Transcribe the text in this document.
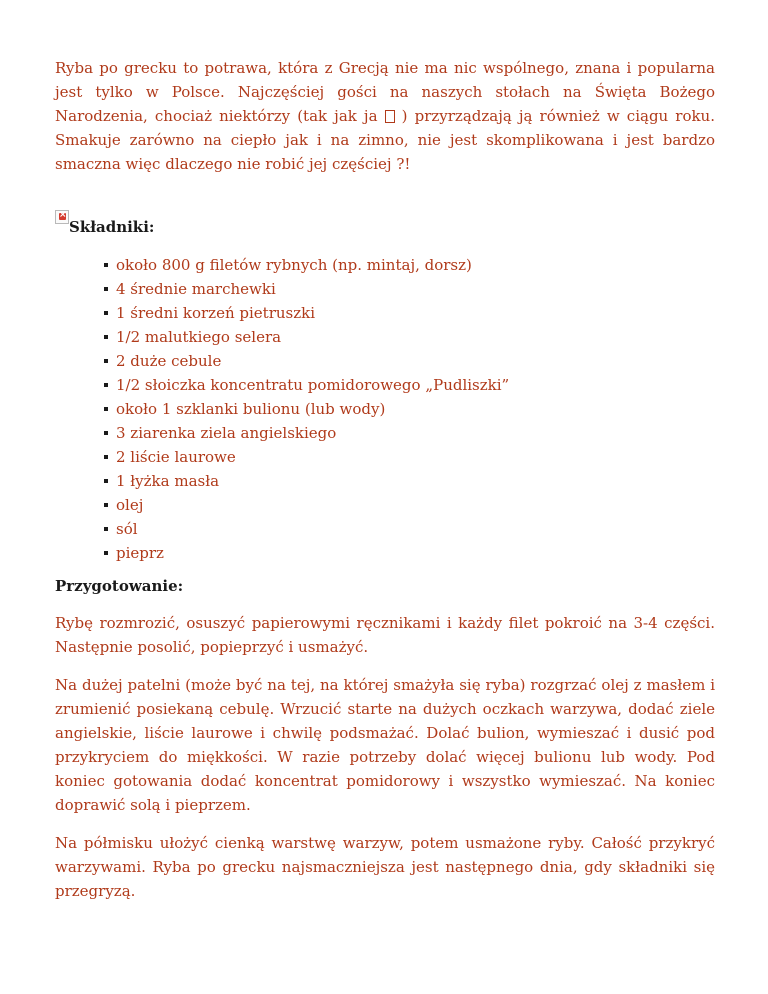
Ryba po grecku to potrawa, która z Grecją nie ma nic wspólnego, znana i popularna jest tylko w Polsce. Najczęściej gości na naszych stołach na Święta Bożego Narodzenia, chociaż niektórzy (tak jak ja  ) przyrządzają ją również w ciągu roku. Smakuje zarówno na ciepło jak i na zimno, nie jest skomplikowana i jest bardzo smaczna więc dlaczego nie robić jej częściej ?!

×
Składniki:
około 800 g filetów rybnych (np. mintaj, dorsz)
4 średnie marchewki
1 średni korzeń pietruszki
1/2 malutkiego selera
2 duże cebule
1/2 słoiczka koncentratu pomidorowego „Pudliszki”
około 1 szklanki bulionu (lub wody)
3 ziarenka ziela angielskiego
2 liście laurowe
1 łyżka masła
olej
sól
pieprz
Przygotowanie:

Rybę rozmrozić, osuszyć papierowymi ręcznikami i każdy filet pokroić na 3-4 części. Następnie posolić, popieprzyć i usmażyć.

Na dużej patelni (może być na tej, na której smażyła się ryba) rozgrzać olej z masłem i zrumienić posiekaną cebulę. Wrzucić starte na dużych oczkach warzywa, dodać ziele angielskie, liście laurowe i chwilę podsmażać. Dolać bulion, wymieszać i dusić pod przykryciem do miękkości. W razie potrzeby dolać więcej bulionu lub wody. Pod koniec gotowania dodać koncentrat pomidorowy i wszystko wymieszać. Na koniec doprawić solą i pieprzem.

Na półmisku ułożyć cienką warstwę warzyw, potem usmażone ryby. Całość przykryć warzywami. Ryba po grecku najsmaczniejsza jest następnego dnia, gdy składniki się przegryzą.
